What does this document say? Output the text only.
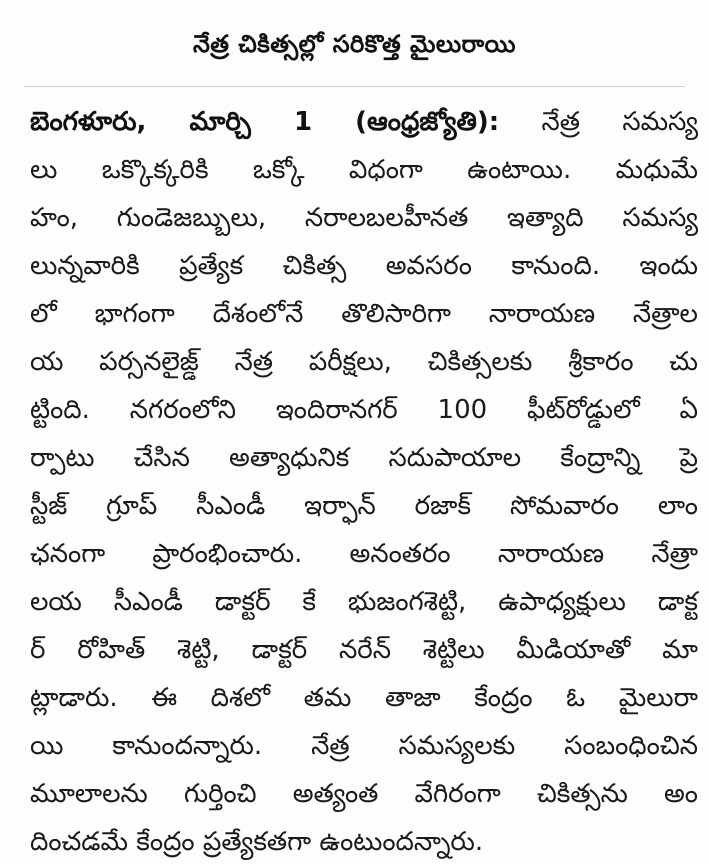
నేత్ర చికిత్సల్లో సరికొత్త మైలురాయి
బెంగళూరు, మార్చి 1 (ఆంధ్రజ్యోతి): నేత్ర సమస్య
లు ఒక్కొక్కరికి ఒక్కో విధంగా ఉంటాయి. మధుమే
హం, గుండెజబ్బులు, నరాలబలహీనత ఇత్యాది సమస్య
లున్నవారికి ప్రత్యేక చికిత్స అవసరం కానుంది. ఇందు
లో భాగంగా దేశంలోనే తొలిసారిగా నారాయణ నేత్రాల
య పర్సనలైజ్డ్ నేత్ర పరీక్షలు, చికిత్సలకు శ్రీకారం చు
ట్టింది. నగరంలోని ఇందిరానగర్ 100 ఫీట్‌రోడ్డులో ఏ
ర్పాటు చేసిన అత్యాధునిక సదుపాయాల కేంద్రాన్ని ప్రె
స్టీజ్ గ్రూప్ సీఎండీ ఇర్ఫాన్ రజాక్ సోమవారం లాం
ఛనంగా ప్రారంభించారు. అనంతరం నారాయణ నేత్రా
లయ సీఎండీ డాక్టర్ కే భుజంగశెట్టి, ఉపాధ్యక్షులు డాక్ట
ర్ రోహిత్ శెట్టి, డాక్టర్ నరేన్ శెట్టిలు మీడియాతో మా
ట్లాడారు. ఈ దిశలో తమ తాజా కేంద్రం ఓ మైలురా
యి కానుందన్నారు. నేత్ర సమస్యలకు సంబంధించిన
మూలాలను గుర్తించి అత్యంత వేగిరంగా చికిత్సను అం
దించడమే కేంద్రం ప్రత్యేకతగా ఉంటుందన్నారు.
